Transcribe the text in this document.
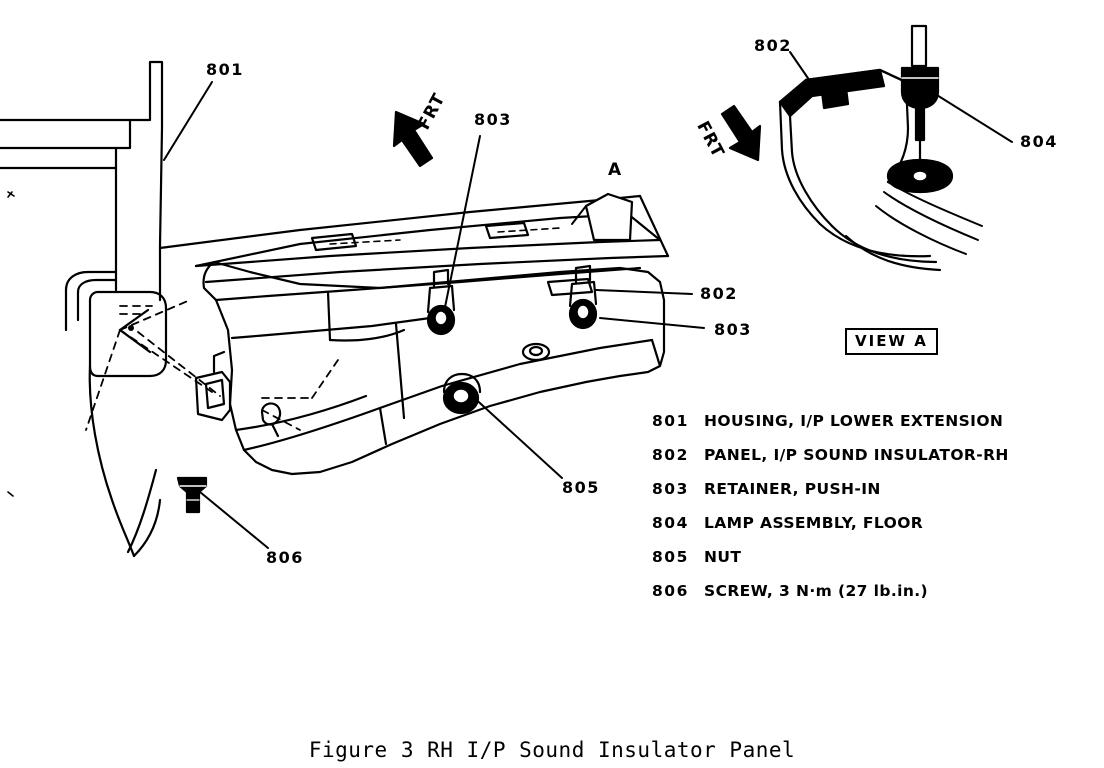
801
803
802
803
805
806
802
804
FRT
FRT
A
VIEW A
801 HOUSING, I/P LOWER EXTENSION
802 PANEL, I/P SOUND INSULATOR-RH
803 RETAINER, PUSH-IN
804 LAMP ASSEMBLY, FLOOR
805 NUT
806 SCREW, 3 N·m (27 lb.in.)
Figure 3 RH I/P Sound Insulator Panel
